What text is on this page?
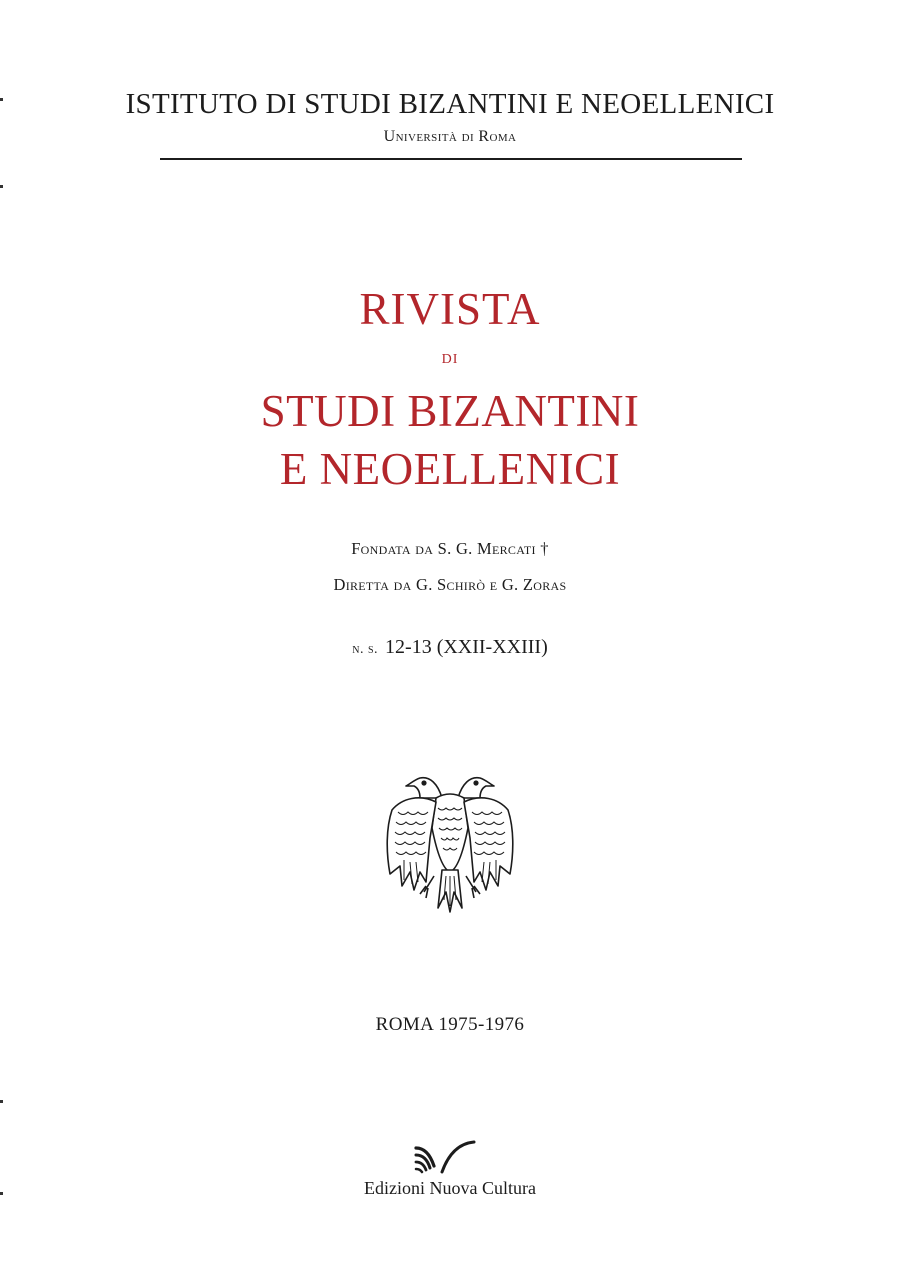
ISTITUTO DI STUDI BIZANTINI E NEOELLENICI
Università di Roma
RIVISTA
di
STUDI BIZANTINI
E NEOELLENICI
Fondata da S. G. Mercati †
Diretta da G. Schirò e G. Zoras
n. s. 12-13 (XXII-XXIII)
ROMA 1975-1976
Edizioni Nuova Cultura
